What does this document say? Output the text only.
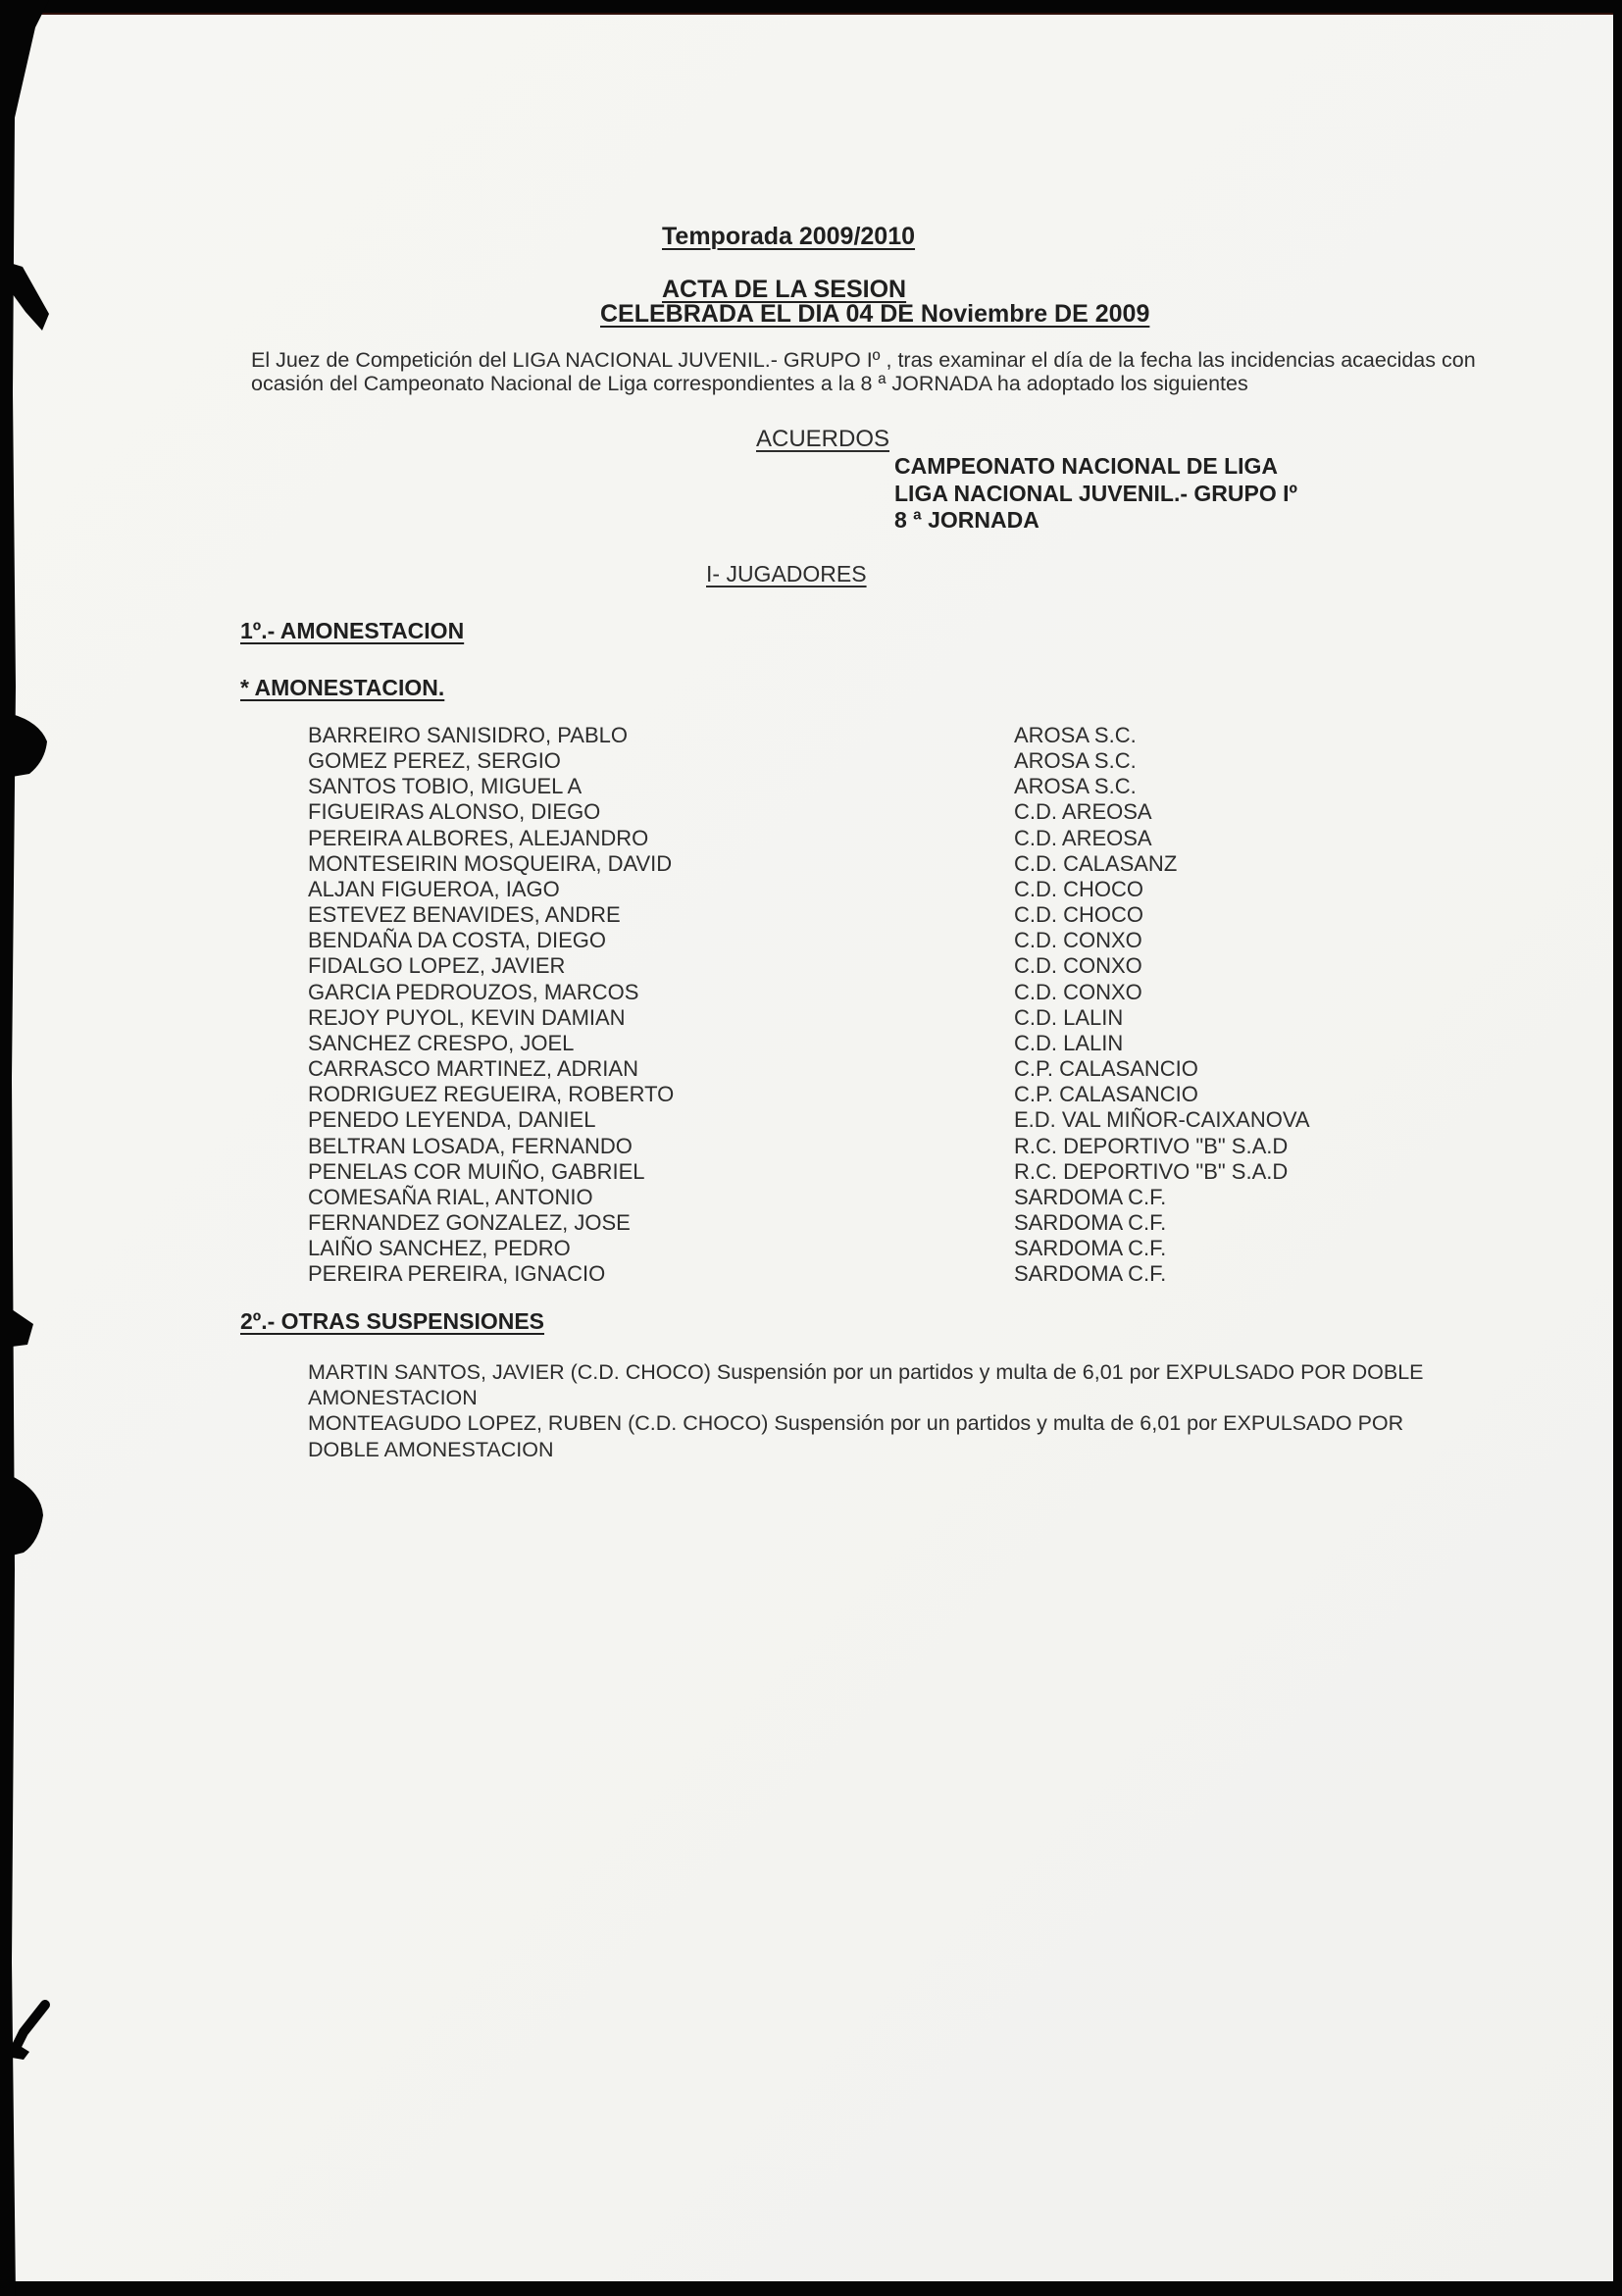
Temporada 2009/2010
ACTA DE LA SESION
CELEBRADA EL DIA 04 DE Noviembre DE 2009
El Juez de Competición del LIGA NACIONAL JUVENIL.- GRUPO Iº , tras examinar el día de la fecha las incidencias acaecidas con ocasión del Campeonato Nacional de Liga correspondientes a la 8 ª JORNADA ha adoptado los siguientes
ACUERDOS
CAMPEONATO NACIONAL DE LIGA
LIGA NACIONAL JUVENIL.- GRUPO Iº
8 ª JORNADA
I- JUGADORES
1º.- AMONESTACION
* AMONESTACION.
BARREIRO SANISIDRO, PABLO	AROSA S.C.
GOMEZ PEREZ, SERGIO	AROSA S.C.
SANTOS TOBIO, MIGUEL A	AROSA S.C.
FIGUEIRAS ALONSO, DIEGO	C.D. AREOSA
PEREIRA ALBORES, ALEJANDRO	C.D. AREOSA
MONTESEIRIN MOSQUEIRA, DAVID	C.D. CALASANZ
ALJAN FIGUEROA, IAGO	C.D. CHOCO
ESTEVEZ BENAVIDES, ANDRE	C.D. CHOCO
BENDAÑA DA COSTA, DIEGO	C.D. CONXO
FIDALGO LOPEZ, JAVIER	C.D. CONXO
GARCIA PEDROUZOS, MARCOS	C.D. CONXO
REJOY PUYOL, KEVIN DAMIAN	C.D. LALIN
SANCHEZ CRESPO, JOEL	C.D. LALIN
CARRASCO MARTINEZ, ADRIAN	C.P. CALASANCIO
RODRIGUEZ REGUEIRA, ROBERTO	C.P. CALASANCIO
PENEDO LEYENDA, DANIEL	E.D. VAL MIÑOR-CAIXANOVA
BELTRAN LOSADA, FERNANDO	R.C. DEPORTIVO "B" S.A.D
PENELAS COR MUIÑO, GABRIEL	R.C. DEPORTIVO "B" S.A.D
COMESAÑA RIAL, ANTONIO	SARDOMA C.F.
FERNANDEZ GONZALEZ, JOSE	SARDOMA C.F.
LAIÑO SANCHEZ, PEDRO	SARDOMA C.F.
PEREIRA PEREIRA, IGNACIO	SARDOMA C.F.
2º.- OTRAS SUSPENSIONES

MARTIN SANTOS, JAVIER (C.D. CHOCO) Suspensión por un partidos y multa de 6,01 por EXPULSADO POR DOBLE AMONESTACION

MONTEAGUDO LOPEZ, RUBEN (C.D. CHOCO) Suspensión por un partidos y multa de 6,01 por EXPULSADO POR DOBLE AMONESTACION
